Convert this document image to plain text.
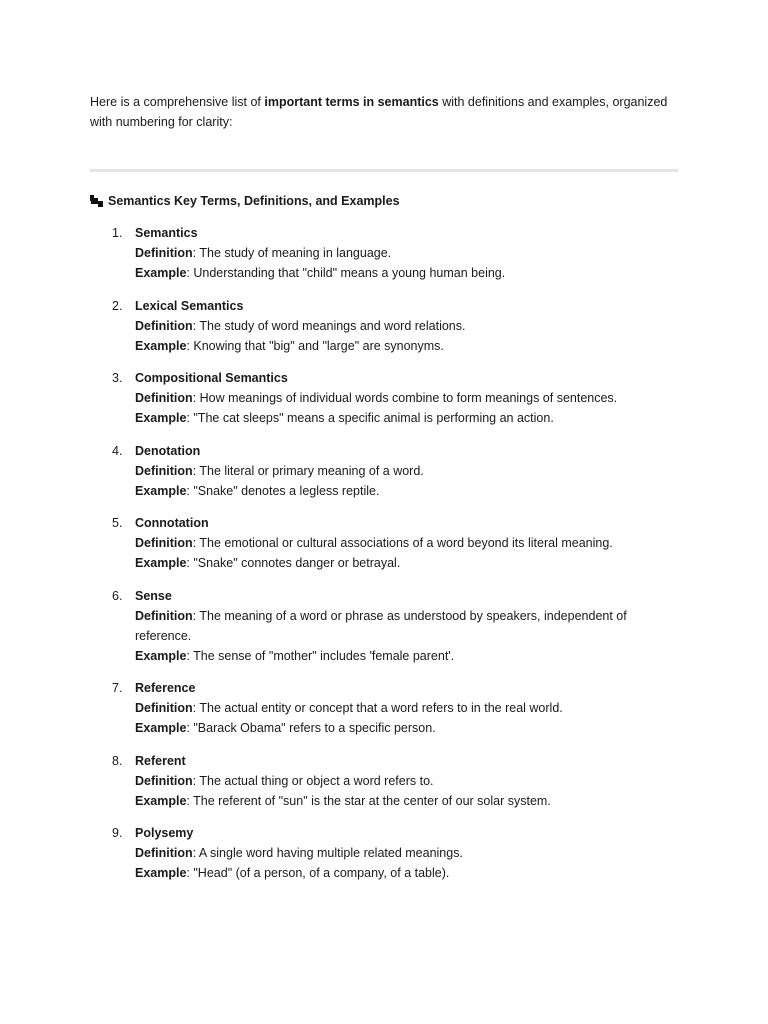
Here is a comprehensive list of important terms in semantics with definitions and examples, organized with numbering for clarity:

Semantics Key Terms, Definitions, and Examples
1. Semantics
Definition: The study of meaning in language.
Example: Understanding that "child" means a young human being.
2. Lexical Semantics
Definition: The study of word meanings and word relations.
Example: Knowing that "big" and "large" are synonyms.
3. Compositional Semantics
Definition: How meanings of individual words combine to form meanings of sentences.
Example: "The cat sleeps" means a specific animal is performing an action.
4. Denotation
Definition: The literal or primary meaning of a word.
Example: "Snake" denotes a legless reptile.
5. Connotation
Definition: The emotional or cultural associations of a word beyond its literal meaning.
Example: "Snake" connotes danger or betrayal.
6. Sense
Definition: The meaning of a word or phrase as understood by speakers, independent of reference.
Example: The sense of "mother" includes 'female parent'.
7. Reference
Definition: The actual entity or concept that a word refers to in the real world.
Example: "Barack Obama" refers to a specific person.
8. Referent
Definition: The actual thing or object a word refers to.
Example: The referent of "sun" is the star at the center of our solar system.
9. Polysemy
Definition: A single word having multiple related meanings.
Example: "Head" (of a person, of a company, of a table).
